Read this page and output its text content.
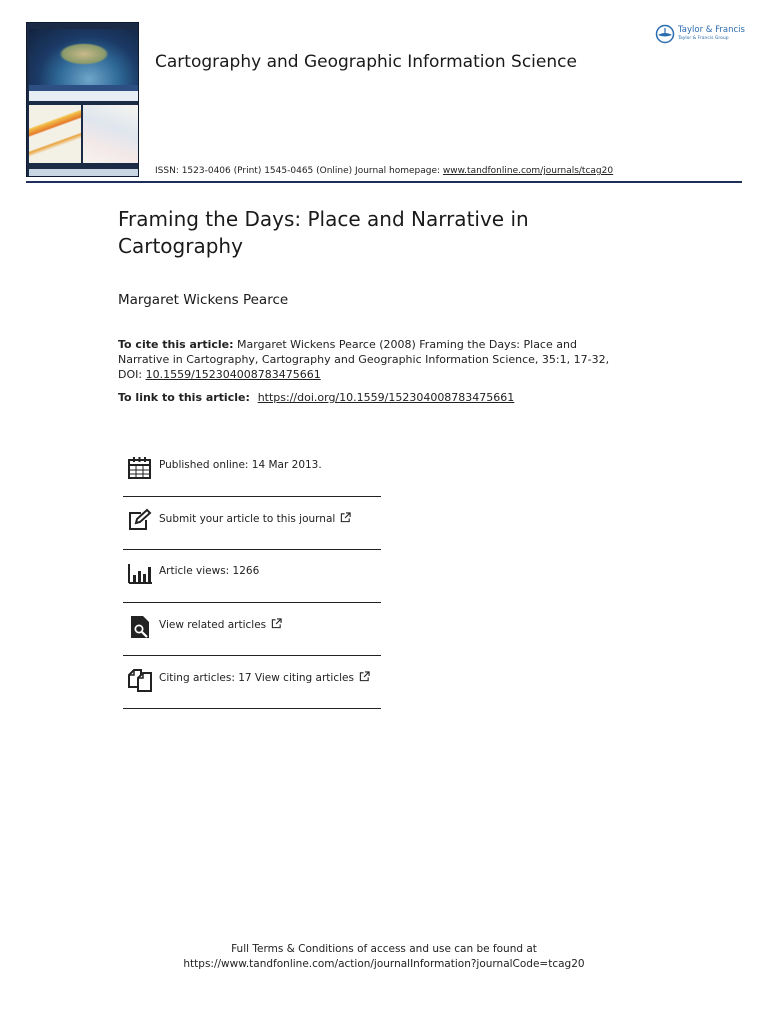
Cartography and Geographic Information Science
ISSN: 1523-0406 (Print) 1545-0465 (Online) Journal homepage: www.tandfonline.com/journals/tcag20
Taylor & Francis
Taylor & Francis Group
Framing the Days: Place and Narrative in Cartography
Margaret Wickens Pearce
To cite this article: Margaret Wickens Pearce (2008) Framing the Days: Place and Narrative in Cartography, Cartography and Geographic Information Science, 35:1, 17-32, DOI: 10.1559/152304008783475661
To link to this article: https://doi.org/10.1559/152304008783475661
Published online: 14 Mar 2013.
Submit your article to this journal
Article views: 1266
View related articles
Citing articles: 17 View citing articles
Full Terms & Conditions of access and use can be found at
https://www.tandfonline.com/action/journalInformation?journalCode=tcag20
